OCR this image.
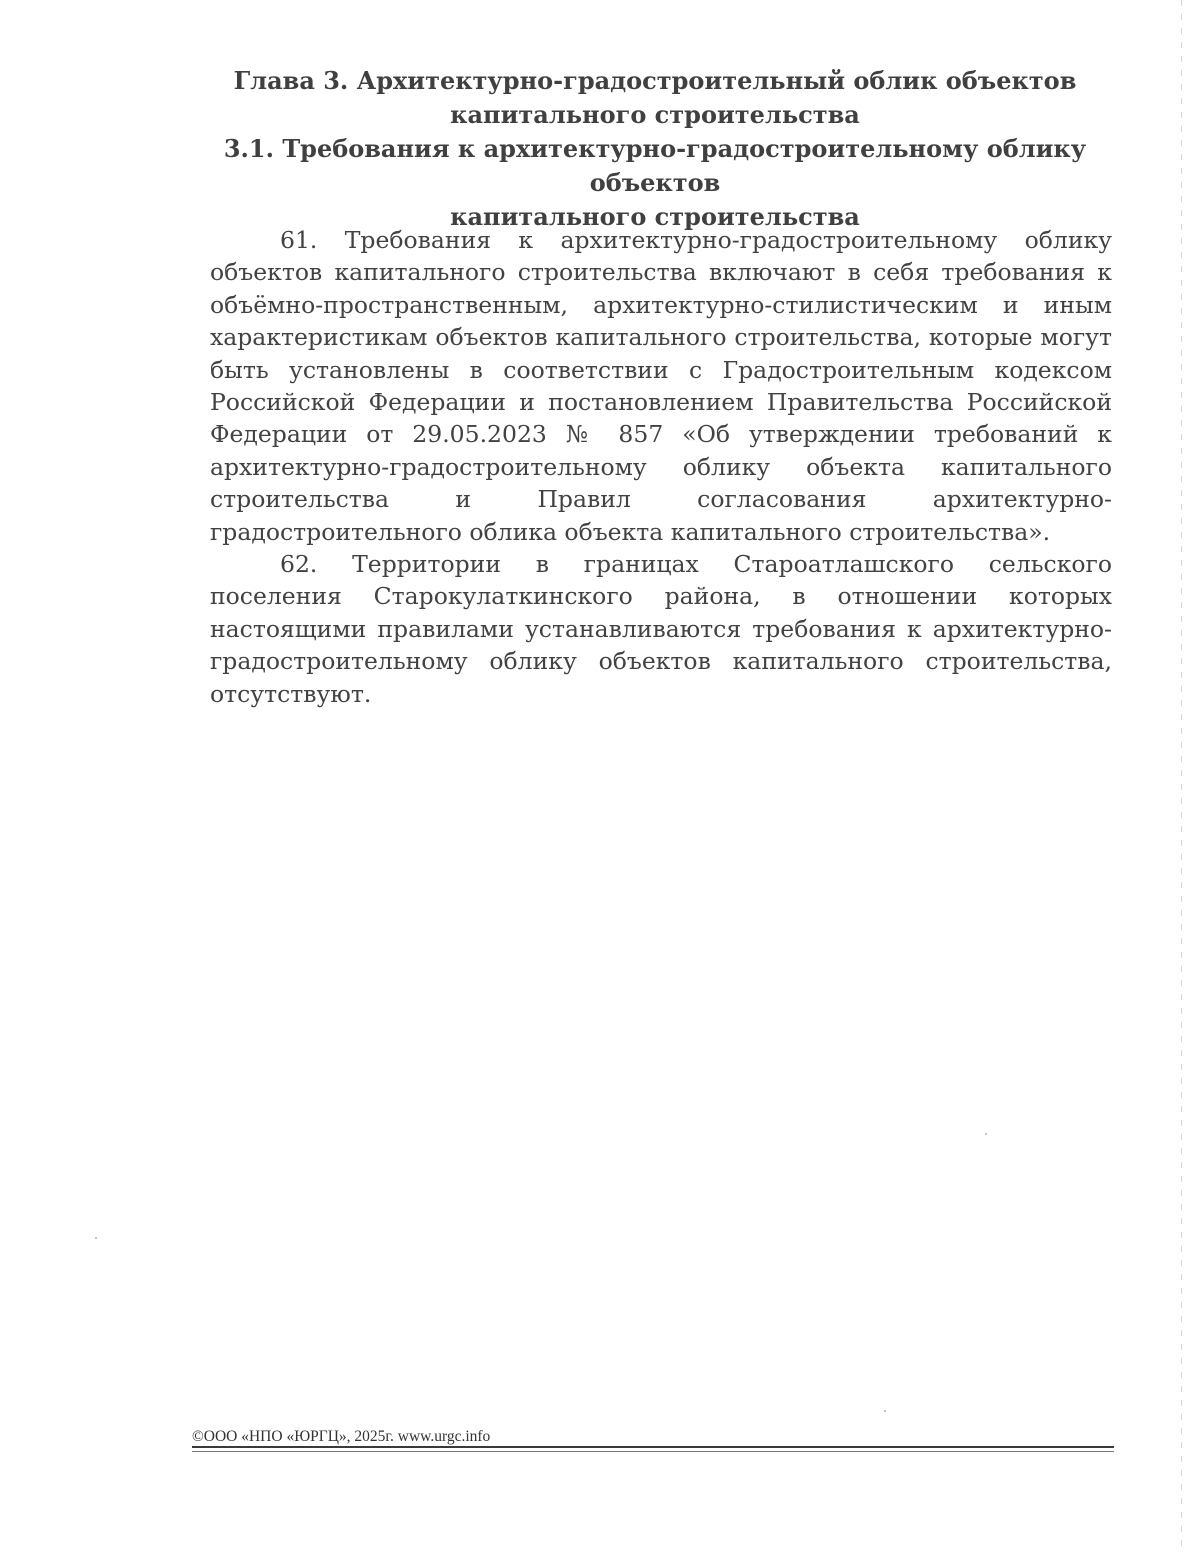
Глава 3. Архитектурно-градостроительный облик объектов
капитального строительства
3.1. Требования к архитектурно-градостроительному облику объектов
капитального строительства

61. Требования к архитектурно-градостроительному облику объектов капитального строительства включают в себя требования к объёмно-пространственным, архитектурно-стилистическим и иным характеристикам объектов капитального строительства, которые могут быть установлены в соответствии с Градостроительным кодексом Российской Федерации и постановлением Правительства Российской Федерации от 29.05.2023 № 857 «Об утверждении требований к архитектурно-градостроительному облику объекта капитального строительства и Правил согласования архитектурно-градостроительного облика объекта капитального строительства».

62. Территории в границах Староатлашского сельского поселения Старокулаткинского района, в отношении которых настоящими правилами устанавливаются требования к архитектурно-градостроительному облику объектов капитального строительства, отсутствуют.

©ООО «НПО «ЮРГЦ», 2025г. www.urgc.info
